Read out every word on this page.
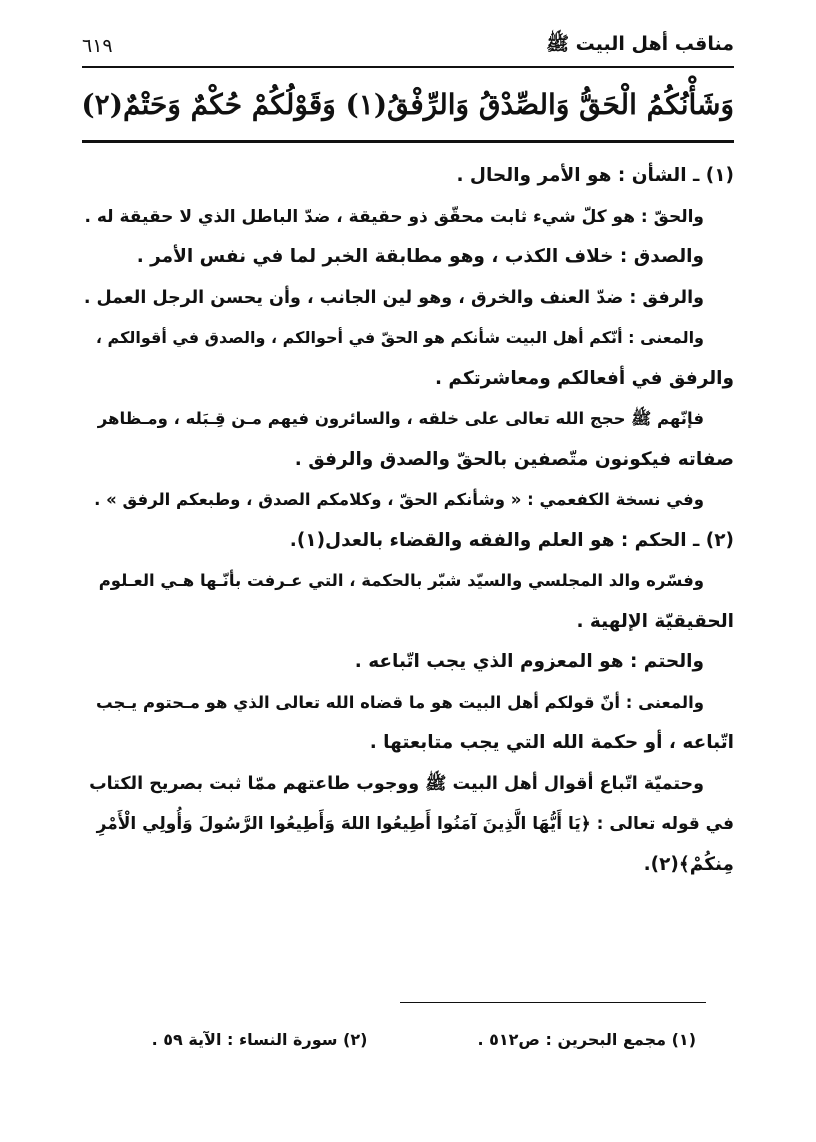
مناقب أهل البيت ﷺ
٦١٩
وَشَأْنُكُمُ الْحَقُّ وَالصِّدْقُ وَالرِّفْقُ(١) وَقَوْلُكُمْ حُكْمٌ وَحَتْمٌ(٢)

(١) ـ الشأن : هو الأمر والحال .

والحقّ : هو كلّ شيء ثابت محقّق ذو حقيقة ، ضدّ الباطل الذي لا حقيقة له .

والصدق : خلاف الكذب ، وهو مطابقة الخبر لما في نفس الأمر .

والرفق : ضدّ العنف والخرق ، وهو لين الجانب ، وأن يحسن الرجل العمل .

والمعنى : أنّكم أهل البيت شأنكم هو الحقّ في أحوالكم ، والصدق في أقوالكم ،

والرفق في أفعالكم ومعاشرتكم .

فإنّهم ﷺ حجج الله تعالى على خلقه ، والسائرون فيهم مـن قِـبَله ، ومـظاهر

صفاته فيكونون متّصفين بالحقّ والصدق والرفق .

وفي نسخة الكفعمي : « وشأنكم الحقّ ، وكلامكم الصدق ، وطبعكم الرفق » .

(٢) ـ الحكم : هو العلم والفقه والقضاء بالعدل(١).

وفسّره والد المجلسي والسيّد شبّر بالحكمة ، التي عـرفت بأنّـها هـي العـلوم

الحقيقيّة الإلهية .

والحتم : هو المعزوم الذي يجب اتّباعه .

والمعنى : أنّ قولكم أهل البيت هو ما قضاه الله تعالى الذي هو مـحتوم يـجب

اتّباعه ، أو حكمة الله التي يجب متابعتها .

وحتميّة اتّباع أقوال أهل البيت ﷺ ووجوب طاعتهم ممّا ثبت بصريح الكتاب

في قوله تعالى : ﴿يَا أَيُّهَا الَّذِينَ آمَنُوا أَطِيعُوا اللهَ وَأَطِيعُوا الرَّسُولَ وَأُولِي الْأَمْرِ

مِنكُمْ﴾(٢).

(١) مجمع البحرين : ص٥١٢ .
(٢) سورة النساء : الآية ٥٩ .
